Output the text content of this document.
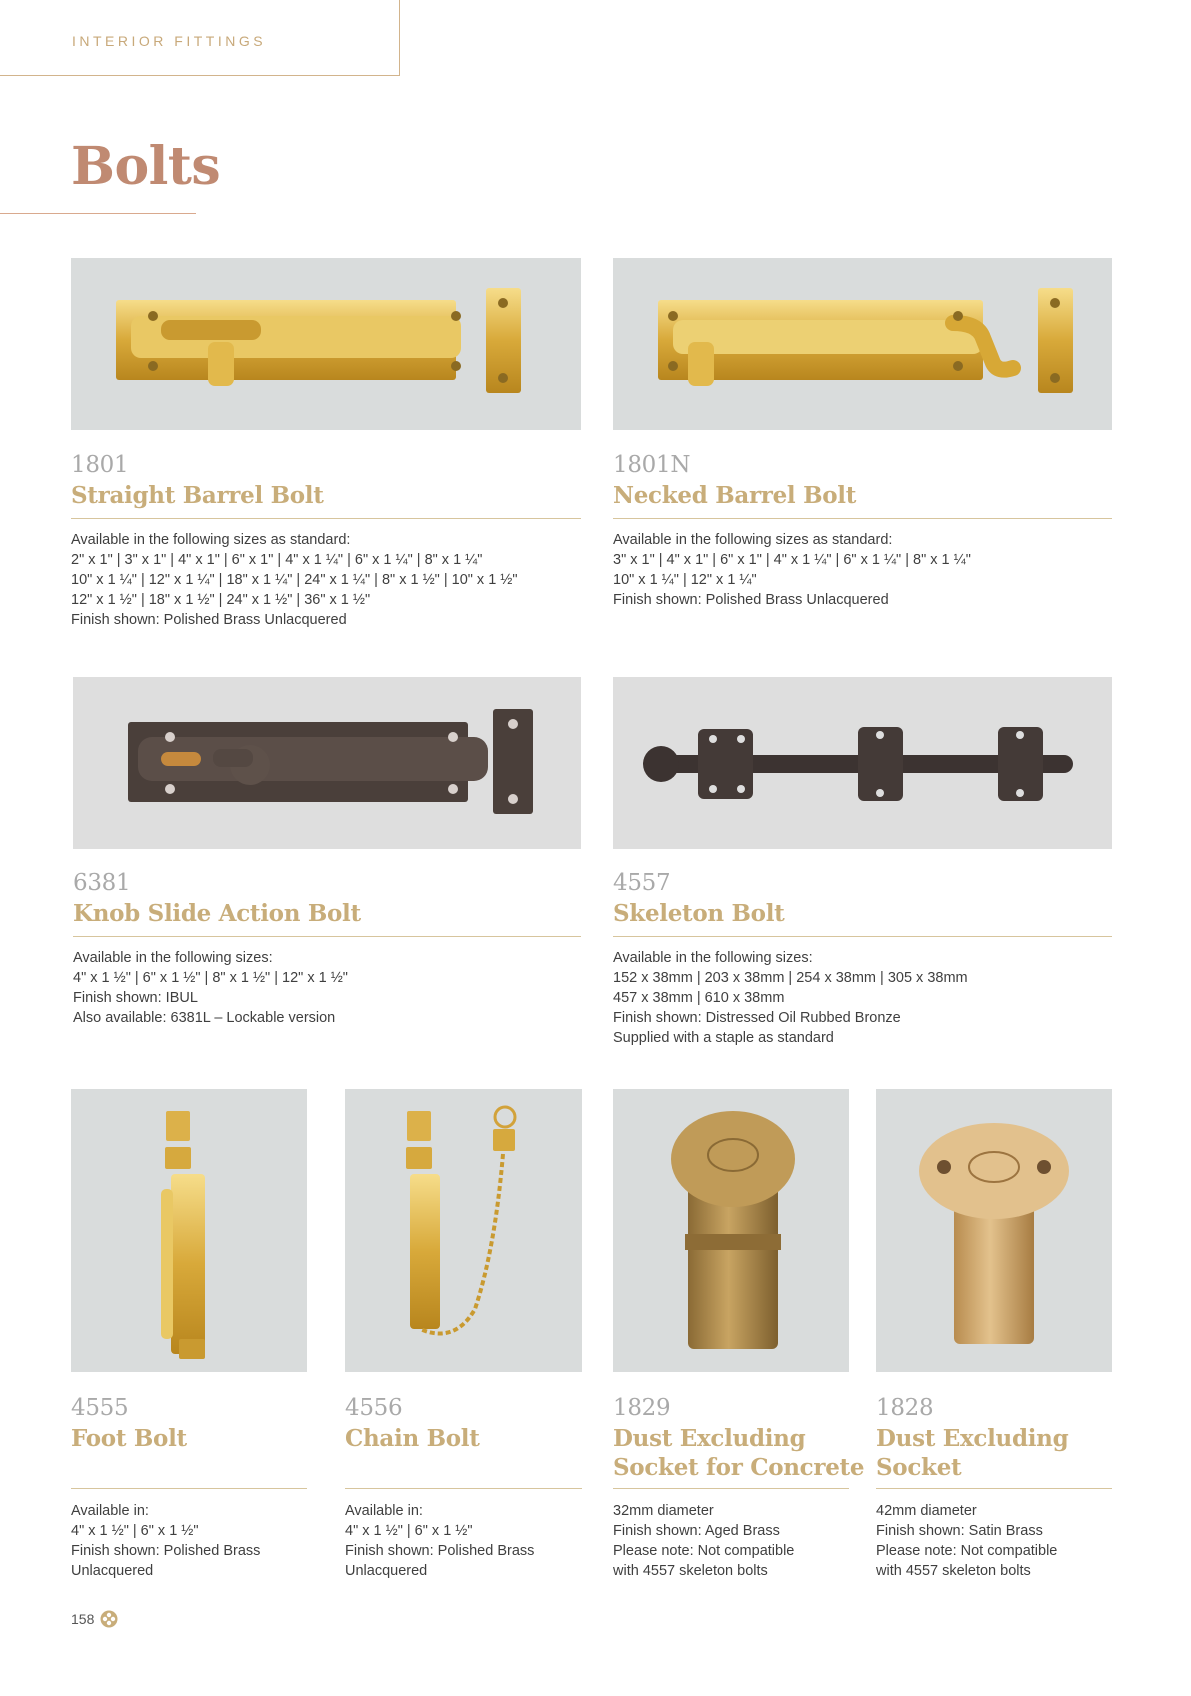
INTERIOR FITTINGS
Bolts
1801
Straight Barrel Bolt
Available in the following sizes as standard:
2" x 1" | 3" x 1" | 4" x 1" | 6" x 1" | 4" x 1 ¼" | 6" x 1 ¼" | 8" x 1 ¼"
10" x 1 ¼" | 12" x 1 ¼" | 18" x 1 ¼" | 24" x 1 ¼" | 8" x 1 ½" | 10" x 1 ½"
12" x 1 ½" | 18" x 1 ½" | 24" x 1 ½" | 36" x 1 ½"
Finish shown: Polished Brass Unlacquered
1801N
Necked Barrel Bolt
Available in the following sizes as standard:
3" x 1" | 4" x 1" | 6" x 1" | 4" x 1 ¼" | 6" x 1 ¼" | 8" x 1 ¼"
10" x 1 ¼" | 12" x 1 ¼"
Finish shown: Polished Brass Unlacquered
6381
Knob Slide Action Bolt
Available in the following sizes:
4" x 1 ½" | 6" x 1 ½" | 8" x 1 ½" | 12" x 1 ½"
Finish shown: IBUL
Also available: 6381L – Lockable version
4557
Skeleton Bolt
Available in the following sizes:
152 x 38mm | 203 x 38mm | 254 x 38mm | 305 x 38mm
457 x 38mm | 610 x 38mm
Finish shown: Distressed Oil Rubbed Bronze
Supplied with a staple as standard
4555
Foot Bolt
Available in:
4" x 1 ½" | 6" x 1 ½"
Finish shown: Polished Brass
Unlacquered
4556
Chain Bolt
Available in:
4" x 1 ½" | 6" x 1 ½"
Finish shown: Polished Brass
Unlacquered
1829
Dust Excluding
Socket for Concrete
32mm diameter
Finish shown: Aged Brass
Please note: Not compatible
with 4557 skeleton bolts
1828
Dust Excluding
Socket
42mm diameter
Finish shown: Satin Brass
Please note: Not compatible
with 4557 skeleton bolts
158
